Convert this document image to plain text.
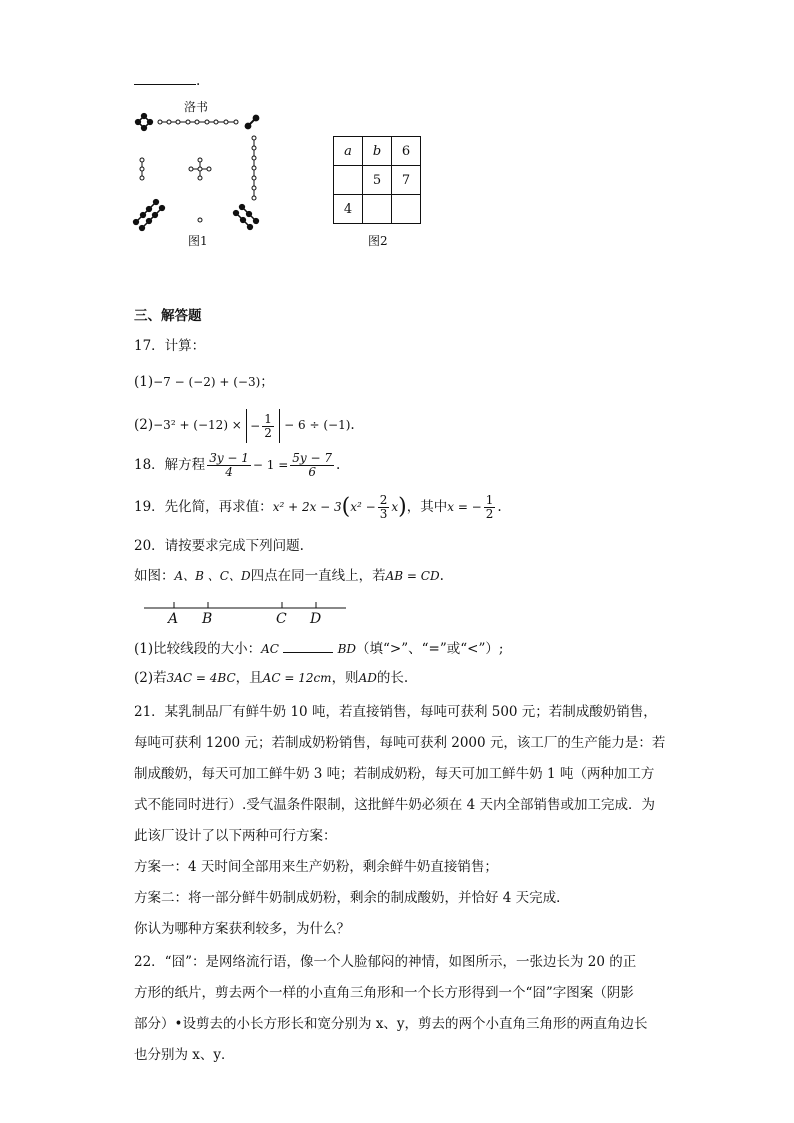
.
洛书
图1
a	b	6
	5	7
4		
图2
三、解答题
17．计算：
(1)−7 − (−2) + (−3)；
(2)−3² + (−12) × − $\frac{1}{2} - 6 \div (-1)$.
18．解方程 $\frac{3y - 1}{4} - 1 = \frac{5y - 7}{6}$ .
19．先化简，再求值：$x^2 + 2x - 3(x^2 - \frac{2}{3} x)$，其中x = − $\frac{1}{2}$ .
20．请按要求完成下列问题.
如图：A、B 、C、D四点在同一直线上，若AB = CD.
A B	C D
(1)比较线段的大小：AC	BD（填“>”、“=”或“<”）;
(2)若3AC = 4BC，且AC = 12cm，则AD的长.
21．某乳制品厂有鲜牛奶 10 吨，若直接销售，每吨可获利 500 元；若制成酸奶销售，
每吨可获利 1200 元；若制成奶粉销售，每吨可获利 2000 元，该工厂的生产能力是：若
制成酸奶，每天可加工鲜牛奶 3 吨；若制成奶粉，每天可加工鲜牛奶 1 吨（两种加工方
式不能同时进行）.受气温条件限制，这批鲜牛奶必须在 4 天内全部销售或加工完成．为
此该厂设计了以下两种可行方案：
方案一：4 天时间全部用来生产奶粉，剩余鲜牛奶直接销售；
方案二：将一部分鲜牛奶制成奶粉，剩余的制成酸奶，并恰好 4 天完成．
你认为哪种方案获利较多，为什么？
22．“囧”：是网络流行语，像一个人脸郁闷的神情，如图所示，一张边长为 20 的正
方形的纸片，剪去两个一样的小直角三角形和一个长方形得到一个“囧”字图案（阴影
部分）•设剪去的小长方形长和宽分别为 x、y，剪去的两个小直角三角形的两直角边长
也分别为 x、y．
